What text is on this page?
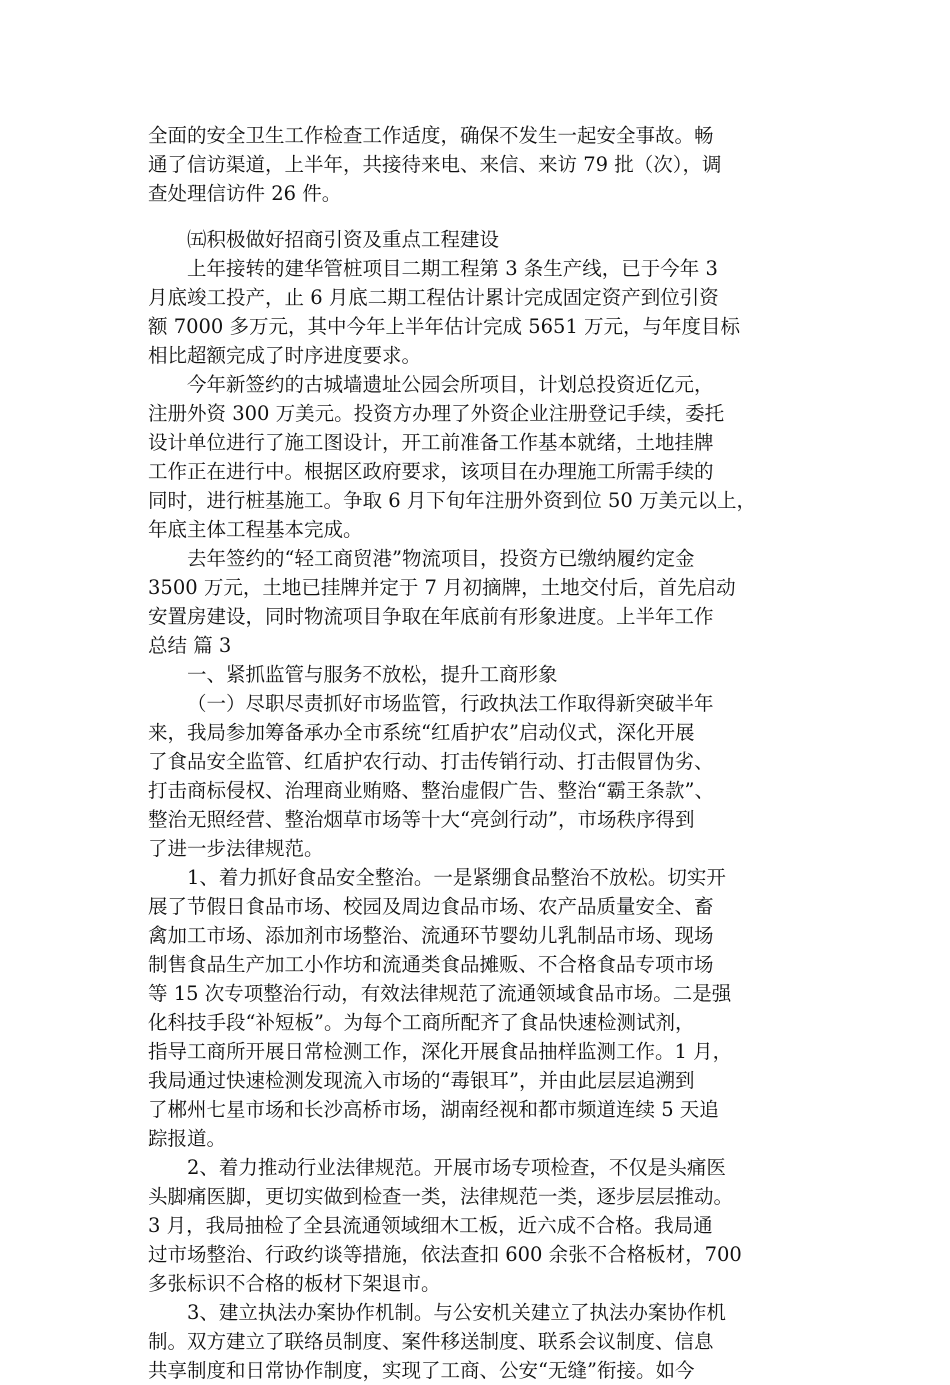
全面的安全卫生工作检查工作适度，确保不发生一起安全事故。畅

通了信访渠道，上半年，共接待来电、来信、来访 79 批（次），调

查处理信访件 26 件。

㈤积极做好招商引资及重点工程建设

上年接转的建华管桩项目二期工程第 3 条生产线，已于今年 3

月底竣工投产，止 6 月底二期工程估计累计完成固定资产到位引资

额 7000 多万元，其中今年上半年估计完成 5651 万元，与年度目标

相比超额完成了时序进度要求。

今年新签约的古城墙遗址公园会所项目，计划总投资近亿元，

注册外资 300 万美元。投资方办理了外资企业注册登记手续，委托

设计单位进行了施工图设计，开工前准备工作基本就绪，土地挂牌

工作正在进行中。根据区政府要求，该项目在办理施工所需手续的

同时，进行桩基施工。争取 6 月下旬年注册外资到位 50 万美元以上，

年底主体工程基本完成。

去年签约的“轻工商贸港”物流项目，投资方已缴纳履约定金

3500 万元，土地已挂牌并定于 7 月初摘牌，土地交付后，首先启动

安置房建设，同时物流项目争取在年底前有形象进度。上半年工作

总结 篇 3

一、紧抓监管与服务不放松，提升工商形象

（一）尽职尽责抓好市场监管，行政执法工作取得新突破半年

来，我局参加筹备承办全市系统“红盾护农”启动仪式，深化开展

了食品安全监管、红盾护农行动、打击传销行动、打击假冒伪劣、

打击商标侵权、治理商业贿赂、整治虚假广告、整治“霸王条款”、

整治无照经营、整治烟草市场等十大“亮剑行动”，市场秩序得到

了进一步法律规范。

1、着力抓好食品安全整治。一是紧绷食品整治不放松。切实开

展了节假日食品市场、校园及周边食品市场、农产品质量安全、畜

禽加工市场、添加剂市场整治、流通环节婴幼儿乳制品市场、现场

制售食品生产加工小作坊和流通类食品摊贩、不合格食品专项市场

等 15 次专项整治行动，有效法律规范了流通领域食品市场。二是强

化科技手段“补短板”。为每个工商所配齐了食品快速检测试剂，

指导工商所开展日常检测工作，深化开展食品抽样监测工作。1 月，

我局通过快速检测发现流入市场的“毒银耳”，并由此层层追溯到

了郴州七星市场和长沙高桥市场，湖南经视和都市频道连续 5 天追

踪报道。

2、着力推动行业法律规范。开展市场专项检查，不仅是头痛医

头脚痛医脚，更切实做到检查一类，法律规范一类，逐步层层推动。

3 月，我局抽检了全县流通领域细木工板，近六成不合格。我局通

过市场整治、行政约谈等措施，依法查扣 600 余张不合格板材，700

多张标识不合格的板材下架退市。

3、建立执法办案协作机制。与公安机关建立了执法办案协作机

制。双方建立了联络员制度、案件移送制度、联系会议制度、信息

共享制度和日常协作制度，实现了工商、公安“无缝”衔接。如今
